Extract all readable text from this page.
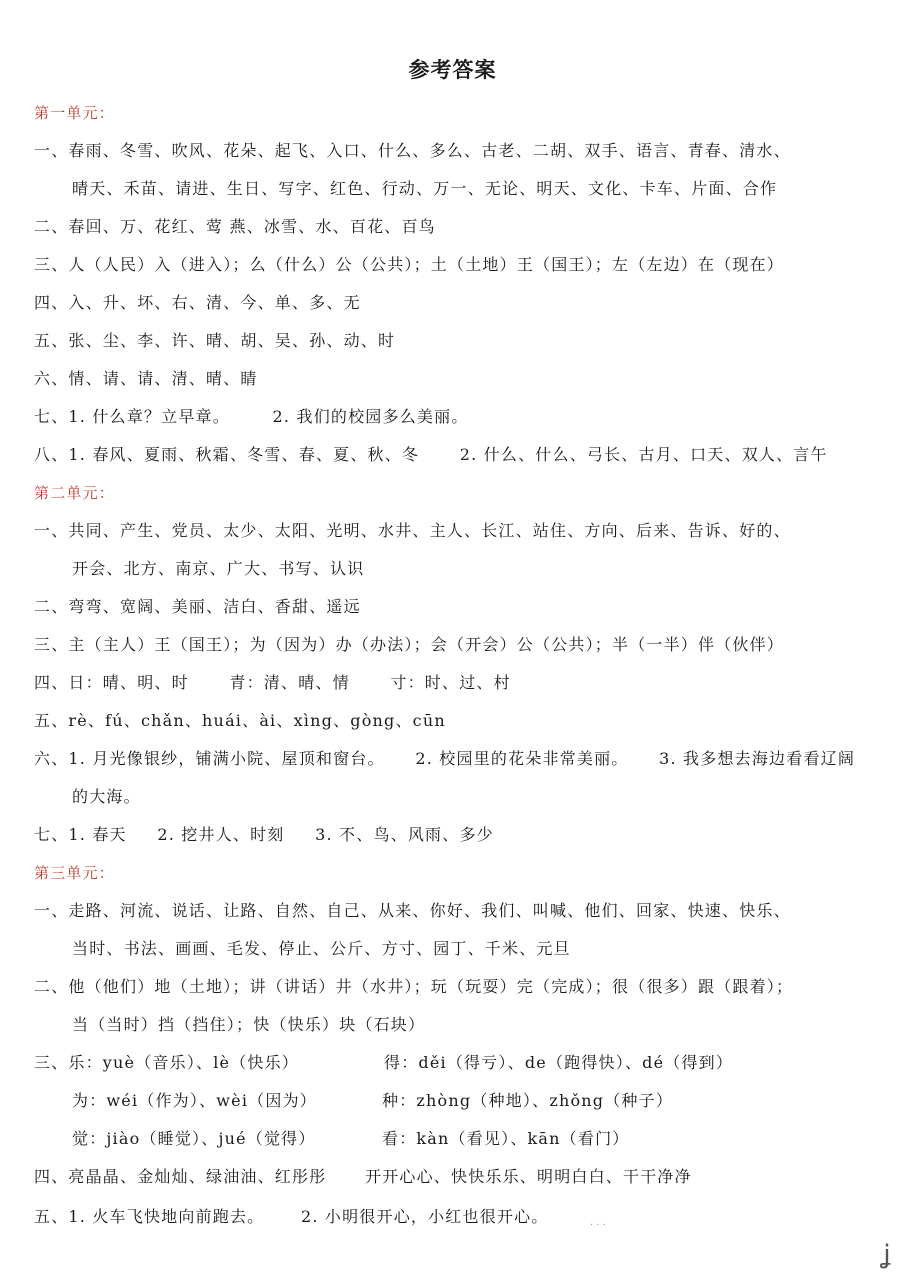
参考答案
第一单元：
一、春雨、冬雪、吹风、花朵、起飞、入口、什么、多么、古老、二胡、双手、语言、青春、清水、
晴天、禾苗、请进、生日、写字、红色、行动、万一、无论、明天、文化、卡车、片面、合作
二、春回、万、花红、莺 燕、冰雪、水、百花、百鸟
三、人（人民）入（进入）；么（什么）公（公共）；土（土地）王（国王）；左（左边）在（现在）
四、入、升、坏、右、清、今、单、多、无
五、张、尘、李、许、晴、胡、吴、孙、动、时
六、情、请、请、清、晴、睛
七、1. 什么章？立早章。	2. 我们的校园多么美丽。
八、1. 春风、夏雨、秋霜、冬雪、春、夏、秋、冬	2. 什么、什么、弓长、古月、口天、双人、言午
第二单元：
一、共同、产生、党员、太少、太阳、光明、水井、主人、长江、站住、方向、后来、告诉、好的、
开会、北方、南京、广大、书写、认识
二、弯弯、宽阔、美丽、洁白、香甜、遥远
三、主（主人）王（国王）；为（因为）办（办法）；会（开会）公（公共）；半（一半）伴（伙伴）
四、日：晴、明、时	青：清、晴、情	寸：时、过、村
五、rè、fú、chǎn、huái、ài、xìng、gòng、cūn
六、1. 月光像银纱，铺满小院、屋顶和窗台。 2. 校园里的花朵非常美丽。 3. 我多想去海边看看辽阔
的大海。
七、1. 春天 2. 挖井人、时刻 3. 不、鸟、风雨、多少
第三单元：
一、走路、河流、说话、让路、自然、自己、从来、你好、我们、叫喊、他们、回家、快速、快乐、
当时、书法、画画、毛发、停止、公斤、方寸、园丁、千米、元旦
二、他（他们）地（土地）；讲（讲话）井（水井）；玩（玩耍）完（完成）；很（很多）跟（跟着）；
当（当时）挡（挡住）；快（快乐）块（石块）
三、乐：yuè（音乐）、lè（快乐）	得：děi（得亏）、de（跑得快）、dé（得到）
为：wéi（作为）、wèi（因为）	种：zhòng（种地）、zhǒng（种子）
觉：jiào（睡觉）、jué（觉得）	看：kàn（看见）、kān（看门）
四、亮晶晶、金灿灿、绿油油、红彤彤 开开心心、快快乐乐、明明白白、干干净净
五、1. 火车飞快地向前跑去。 2. 小明很开心，小红也很开心。	· · ·
ʝ
